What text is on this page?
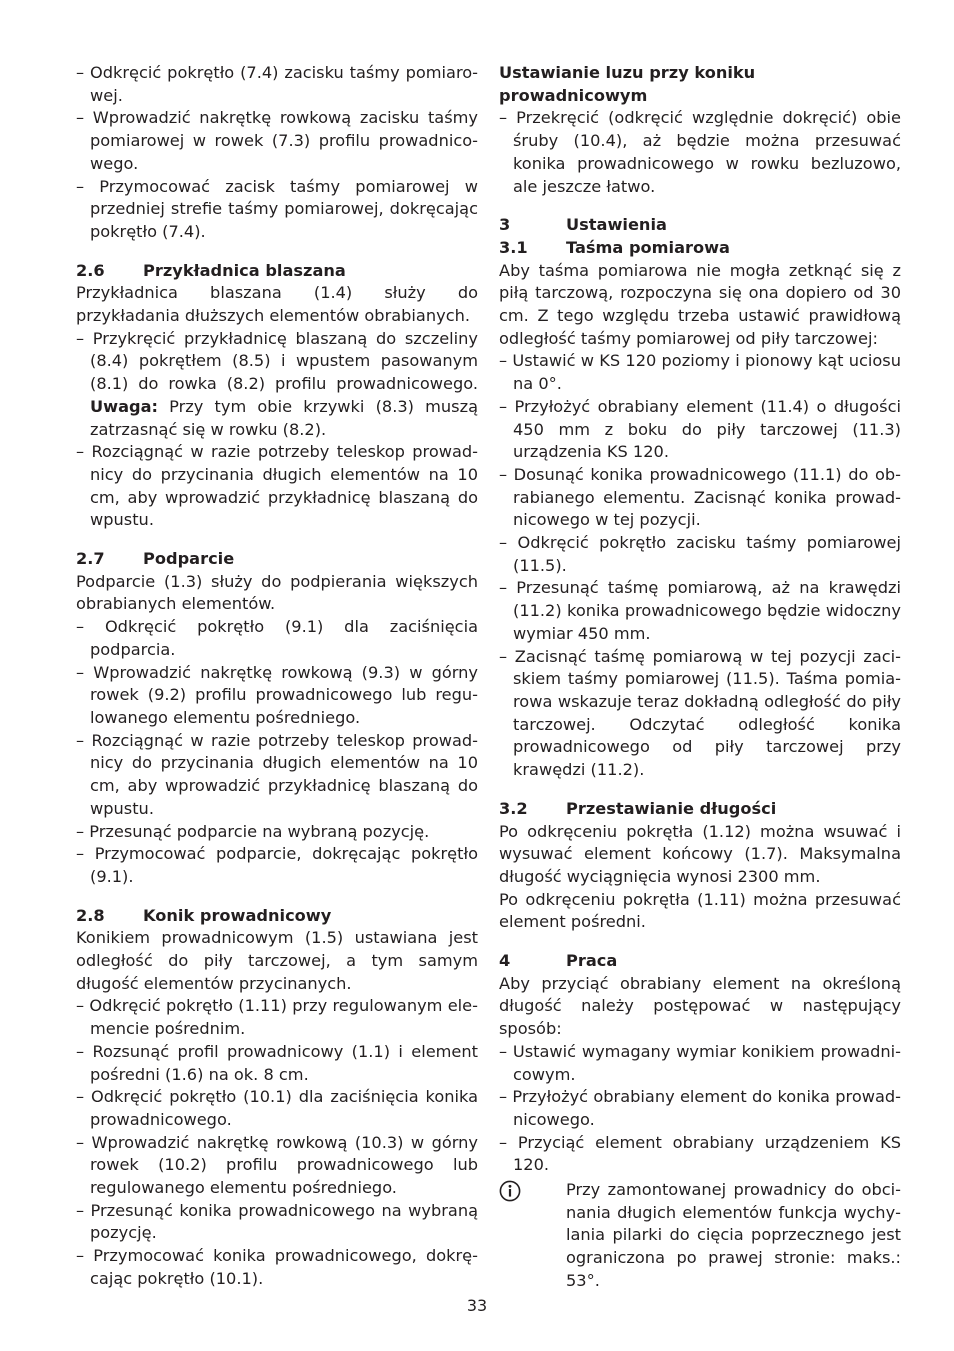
– Odkręcić pokrętło (7.4) zacisku taśmy pomiarowej.

– Wprowadzić nakrętkę rowkową zacisku taśmy pomiarowej w rowek (7.3) profilu prowadnicowego.

– Przymocować zacisk taśmy pomiarowej w przedniej strefie taśmy pomiarowej, dokręcając pokrętło (7.4).

2.6	Przykładnica blaszana

Przykładnica blaszana (1.4) służy do przykładania dłuższych elementów obrabianych.

– Przykręcić przykładnicę blaszaną do szczeliny (8.4) pokrętłem (8.5) i wpustem pasowanym (8.1) do rowka (8.2) profilu prowadnicowego. Uwaga: Przy tym obie krzywki (8.3) muszą zatrzasnąć się w rowku (8.2).

– Rozciągnąć w razie potrzeby teleskop prowadnicy do przycinania długich elementów na 10 cm, aby wprowadzić przykładnicę blaszaną do wpustu.

2.7	Podparcie

Podparcie (1.3) służy do podpierania większych obrabianych elementów.

– Odkręcić pokrętło (9.1) dla zaciśnięcia podparcia.

– Wprowadzić nakrętkę rowkową (9.3) w górny rowek (9.2) profilu prowadnicowego lub regulowanego elementu pośredniego.

– Rozciągnąć w razie potrzeby teleskop prowadnicy do przycinania długich elementów na 10 cm, aby wprowadzić przykładnicę blaszaną do wpustu.

– Przesunąć podparcie na wybraną pozycję.

– Przymocować podparcie, dokręcając pokrętło (9.1).

2.8	Konik prowadnicowy

Konikiem prowadnicowym (1.5) ustawiana jest odległość do piły tarczowej, a tym samym długość elementów przycinanych.

– Odkręcić pokrętło (1.11) przy regulowanym elemencie pośrednim.

– Rozsunąć profil prowadnicowy (1.1) i element pośredni (1.6) na ok. 8 cm.

– Odkręcić pokrętło (10.1) dla zaciśnięcia konika prowadnicowego.

– Wprowadzić nakrętkę rowkową (10.3) w górny rowek (10.2) profilu prowadnicowego lub regulowanego elementu pośredniego.

– Przesunąć konika prowadnicowego na wybraną pozycję.

– Przymocować konika prowadnicowego, dokręcając pokrętło (10.1).

Ustawianie luzu przy koniku prowadnicowym

– Przekręcić (odkręcić względnie dokręcić) obie śruby (10.4), aż będzie można przesuwać konika prowadnicowego w rowku bezluzowo, ale jeszcze łatwo.

3	Ustawienia

3.1	Taśma pomiarowa

Aby taśma pomiarowa nie mogła zetknąć się z piłą tarczową, rozpoczyna się ona dopiero od 30 cm. Z tego względu trzeba ustawić prawidłową odległość taśmy pomiarowej od piły tarczowej:

– Ustawić w KS 120 poziomy i pionowy kąt uciosu na 0°.

– Przyłożyć obrabiany element (11.4) o długości 450 mm z boku do piły tarczowej (11.3) urządzenia KS 120.

– Dosunąć konika prowadnicowego (11.1) do obrabianego elementu. Zacisnąć konika prowadnicowego w tej pozycji.

– Odkręcić pokrętło zacisku taśmy pomiarowej (11.5).

– Przesunąć taśmę pomiarową, aż na krawędzi (11.2) konika prowadnicowego będzie widoczny wymiar 450 mm.

– Zacisnąć taśmę pomiarową w tej pozycji zaciskiem taśmy pomiarowej (11.5). Taśma pomiarowa wskazuje teraz dokładną odległość do piły tarczowej. Odczytać odległość konika prowadnicowego od piły tarczowej przy krawędzi (11.2).

3.2	Przestawianie długości

Po odkręceniu pokrętła (1.12) można wsuwać i wysuwać element końcowy (1.7). Maksymalna długość wyciągnięcia wynosi 2300 mm.

Po odkręceniu pokrętła (1.11) można przesuwać element pośredni.

4	Praca

Aby przyciąć obrabiany element na określoną długość należy postępować w następujący sposób:

– Ustawić wymagany wymiar konikiem prowadnicowym.

– Przyłożyć obrabiany element do konika prowadnicowego.

– Przyciąć element obrabiany urządzeniem KS 120.

Przy zamontowanej prowadnicy do obcinania długich elementów funkcja wychylania pilarki do cięcia poprzecznego jest ograniczona po prawej stronie: maks.: 53°.
33
